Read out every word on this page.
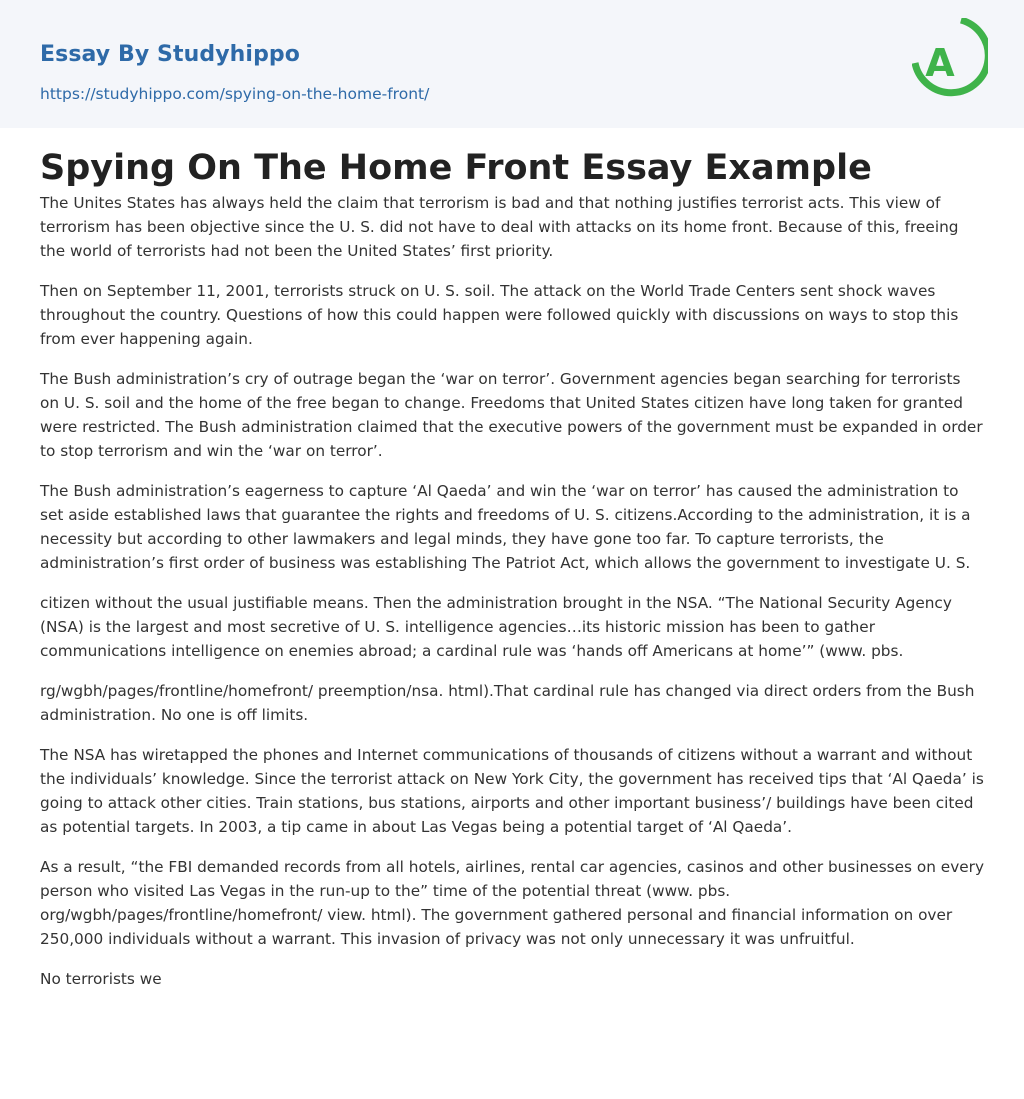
Essay By Studyhippo
https://studyhippo.com/spying-on-the-home-front/
A
Spying On The Home Front Essay Example

The Unites States has always held the claim that terrorism is bad and that nothing justifies terrorist acts. This view of terrorism has been objective since the U. S. did not have to deal with attacks on its home front. Because of this, freeing the world of terrorists had not been the United States’ first priority.

Then on September 11, 2001, terrorists struck on U. S. soil. The attack on the World Trade Centers sent shock waves throughout the country. Questions of how this could happen were followed quickly with discussions on ways to stop this from ever happening again.

The Bush administration’s cry of outrage began the ‘war on terror’. Government agencies began searching for terrorists on U. S. soil and the home of the free began to change. Freedoms that United States citizen have long taken for granted were restricted. The Bush administration claimed that the executive powers of the government must be expanded in order to stop terrorism and win the ‘war on terror’.

The Bush administration’s eagerness to capture ‘Al Qaeda’ and win the ‘war on terror’ has caused the administration to set aside established laws that guarantee the rights and freedoms of U. S. citizens.According to the administration, it is a necessity but according to other lawmakers and legal minds, they have gone too far. To capture terrorists, the administration’s first order of business was establishing The Patriot Act, which allows the government to investigate U. S.

citizen without the usual justifiable means. Then the administration brought in the NSA. “The National Security Agency (NSA) is the largest and most secretive of U. S. intelligence agencies…its historic mission has been to gather communications intelligence on enemies abroad; a cardinal rule was ‘hands off Americans at home’” (www. pbs.

rg/wgbh/pages/frontline/homefront/ preemption/nsa. html).That cardinal rule has changed via direct orders from the Bush administration. No one is off limits.

The NSA has wiretapped the phones and Internet communications of thousands of citizens without a warrant and without the individuals’ knowledge. Since the terrorist attack on New York City, the government has received tips that ‘Al Qaeda’ is going to attack other cities. Train stations, bus stations, airports and other important business’/ buildings have been cited as potential targets. In 2003, a tip came in about Las Vegas being a potential target of ‘Al Qaeda’.

As a result, “the FBI demanded records from all hotels, airlines, rental car agencies, casinos and other businesses on every person who visited Las Vegas in the run-up to the” time of the potential threat (www. pbs. org/wgbh/pages/frontline/homefront/ view. html). The government gathered personal and financial information on over 250,000 individuals without a warrant. This invasion of privacy was not only unnecessary it was unfruitful.

No terrorists we
